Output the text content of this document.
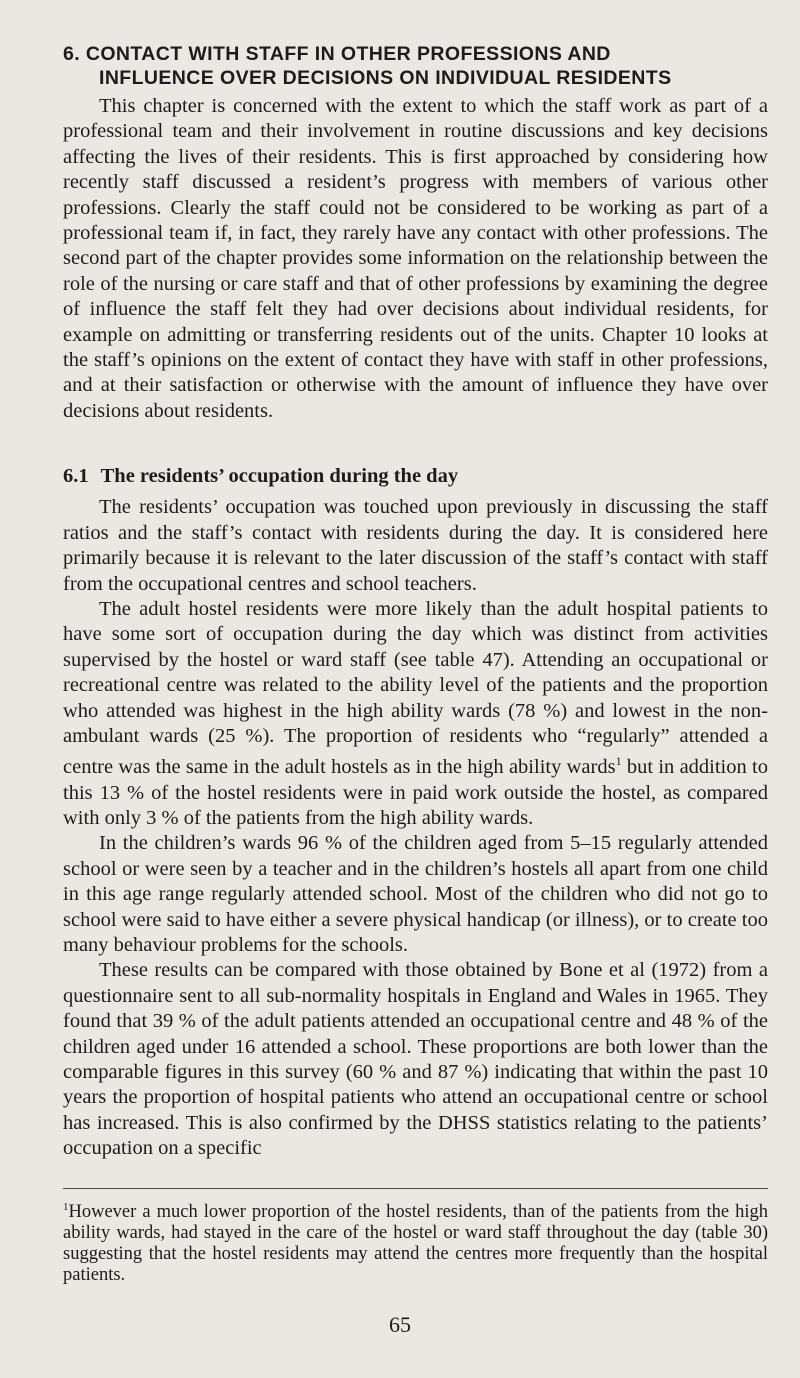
6. CONTACT WITH STAFF IN OTHER PROFESSIONS AND
INFLUENCE OVER DECISIONS ON INDIVIDUAL RESIDENTS

This chapter is concerned with the extent to which the staff work as part of a professional team and their involvement in routine discussions and key decisions affecting the lives of their residents. This is first approached by considering how recently staff discussed a resident’s progress with members of various other professions. Clearly the staff could not be considered to be working as part of a professional team if, in fact, they rarely have any contact with other professions. The second part of the chapter provides some information on the relationship between the role of the nursing or care staff and that of other professions by examining the degree of influence the staff felt they had over decisions about individual residents, for example on admitting or transferring residents out of the units. Chapter 10 looks at the staff’s opinions on the extent of contact they have with staff in other professions, and at their satisfaction or otherwise with the amount of influence they have over decisions about residents.

6.1 The residents’ occupation during the day

The residents’ occupation was touched upon previously in discussing the staff ratios and the staff’s contact with residents during the day. It is considered here primarily because it is relevant to the later discussion of the staff’s contact with staff from the occupational centres and school teachers.

The adult hostel residents were more likely than the adult hospital patients to have some sort of occupation during the day which was distinct from activities supervised by the hostel or ward staff (see table 47). Attending an occupational or recreational centre was related to the ability level of the patients and the proportion who attended was highest in the high ability wards (78 %) and lowest in the non-ambulant wards (25 %). The proportion of residents who “regularly” attended a centre was the same in the adult hostels as in the high ability wards$^1$ but in addition to this 13 % of the hostel residents were in paid work outside the hostel, as compared with only 3 % of the patients from the high ability wards.

In the children’s wards 96 % of the children aged from 5–15 regularly attended school or were seen by a teacher and in the children’s hostels all apart from one child in this age range regularly attended school. Most of the children who did not go to school were said to have either a severe physical handicap (or illness), or to create too many behaviour problems for the schools.

These results can be compared with those obtained by Bone et al (1972) from a questionnaire sent to all sub-normality hospitals in England and Wales in 1965. They found that 39 % of the adult patients attended an occupational centre and 48 % of the children aged under 16 attended a school. These proportions are both lower than the comparable figures in this survey (60 % and 87 %) indicating that within the past 10 years the proportion of hospital patients who attend an occupational centre or school has increased. This is also confirmed by the DHSS statistics relating to the patients’ occupation on a specific

$^1$However a much lower proportion of the hostel residents, than of the patients from the high ability wards, had stayed in the care of the hostel or ward staff throughout the day (table 30) suggesting that the hostel residents may attend the centres more frequently than the hospital patients.

65
